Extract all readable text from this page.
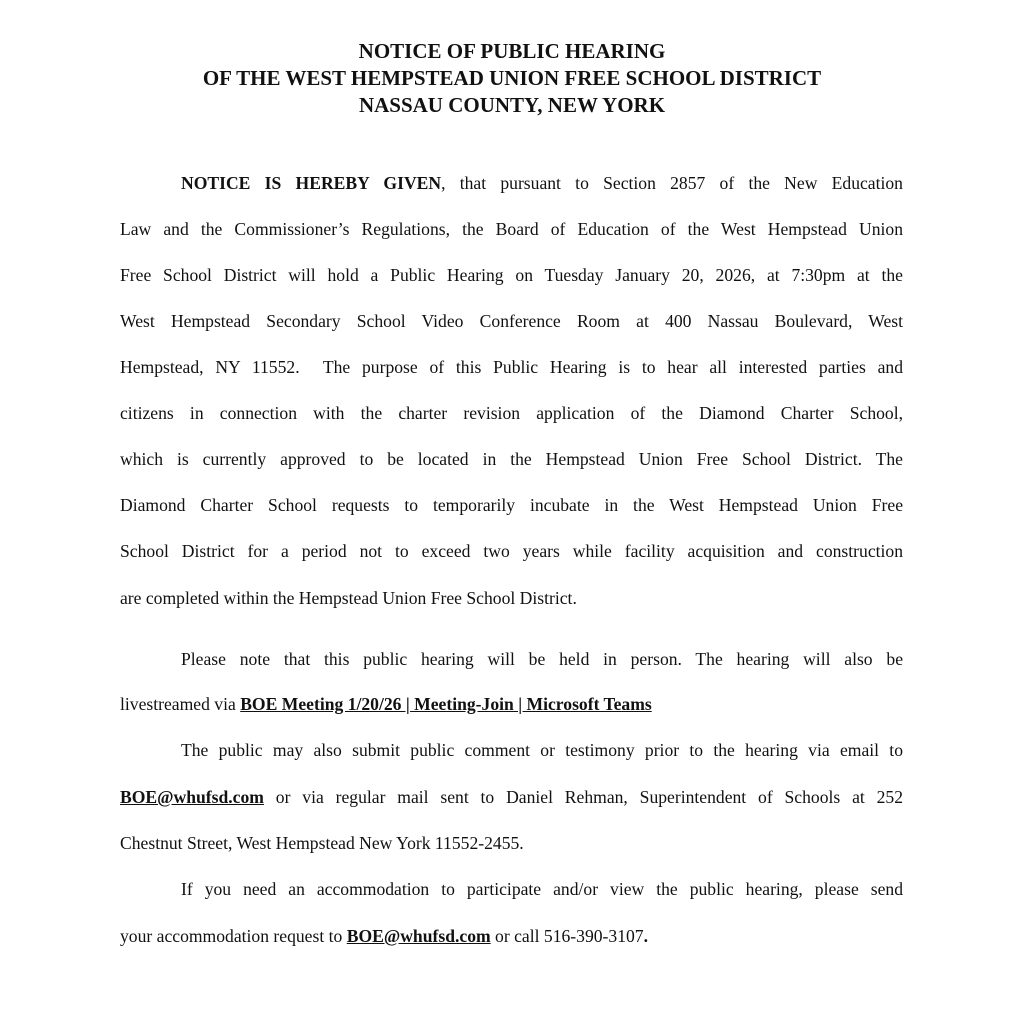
NOTICE OF PUBLIC HEARING
OF THE WEST HEMPSTEAD UNION FREE SCHOOL DISTRICT
NASSAU COUNTY, NEW YORK
NOTICE IS HEREBY GIVEN, that pursuant to Section 2857 of the New Education
Law and the Commissioner’s Regulations, the Board of Education of the West Hempstead Union
Free School District will hold a Public Hearing on Tuesday January 20, 2026, at 7:30pm at the
West Hempstead Secondary School Video Conference Room at 400 Nassau Boulevard, West
Hempstead, NY 11552.  The purpose of this Public Hearing is to hear all interested parties and
citizens in connection with the charter revision application of the Diamond Charter School,
which is currently approved to be located in the Hempstead Union Free School District. The
Diamond Charter School requests to temporarily incubate in the West Hempstead Union Free
School District for a period not to exceed two years while facility acquisition and construction
are completed within the Hempstead Union Free School District.
Please note that this public hearing will be held in person. The hearing will also be
livestreamed via BOE Meeting 1/20/26 | Meeting-Join | Microsoft Teams
The public may also submit public comment or testimony prior to the hearing via email to
BOE@whufsd.com or via regular mail sent to Daniel Rehman, Superintendent of Schools at 252
Chestnut Street, West Hempstead New York 11552-2455.
If you need an accommodation to participate and/or view the public hearing, please send
your accommodation request to BOE@whufsd.com or call 516-390-3107.
